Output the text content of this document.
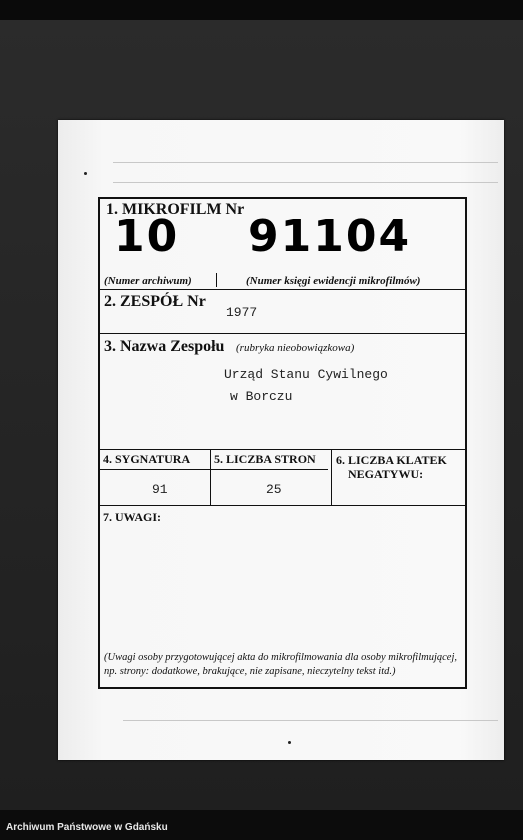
1. MIKROFILM Nr
10 91104
(Numer archiwum)	(Numer księgi ewidencji mikrofilmów)
2. ZESPÓŁ Nr
1977
3. Nazwa Zespołu (rubryka nieobowiązkowa)
Urząd Stanu Cywilnego
w Borczu
4. SYGNATURA 5. LICZBA STRON 6. LICZBA KLATEK
NEGATYWU:
91	25
7. UWAGI:
(Uwagi osoby przygotowującej akta do mikrofilmowania dla osoby mikrofilmującej,
np. strony: dodatkowe, brakujące, nie zapisane, nieczytelny tekst itd.)
Archiwum Państwowe w Gdańsku
